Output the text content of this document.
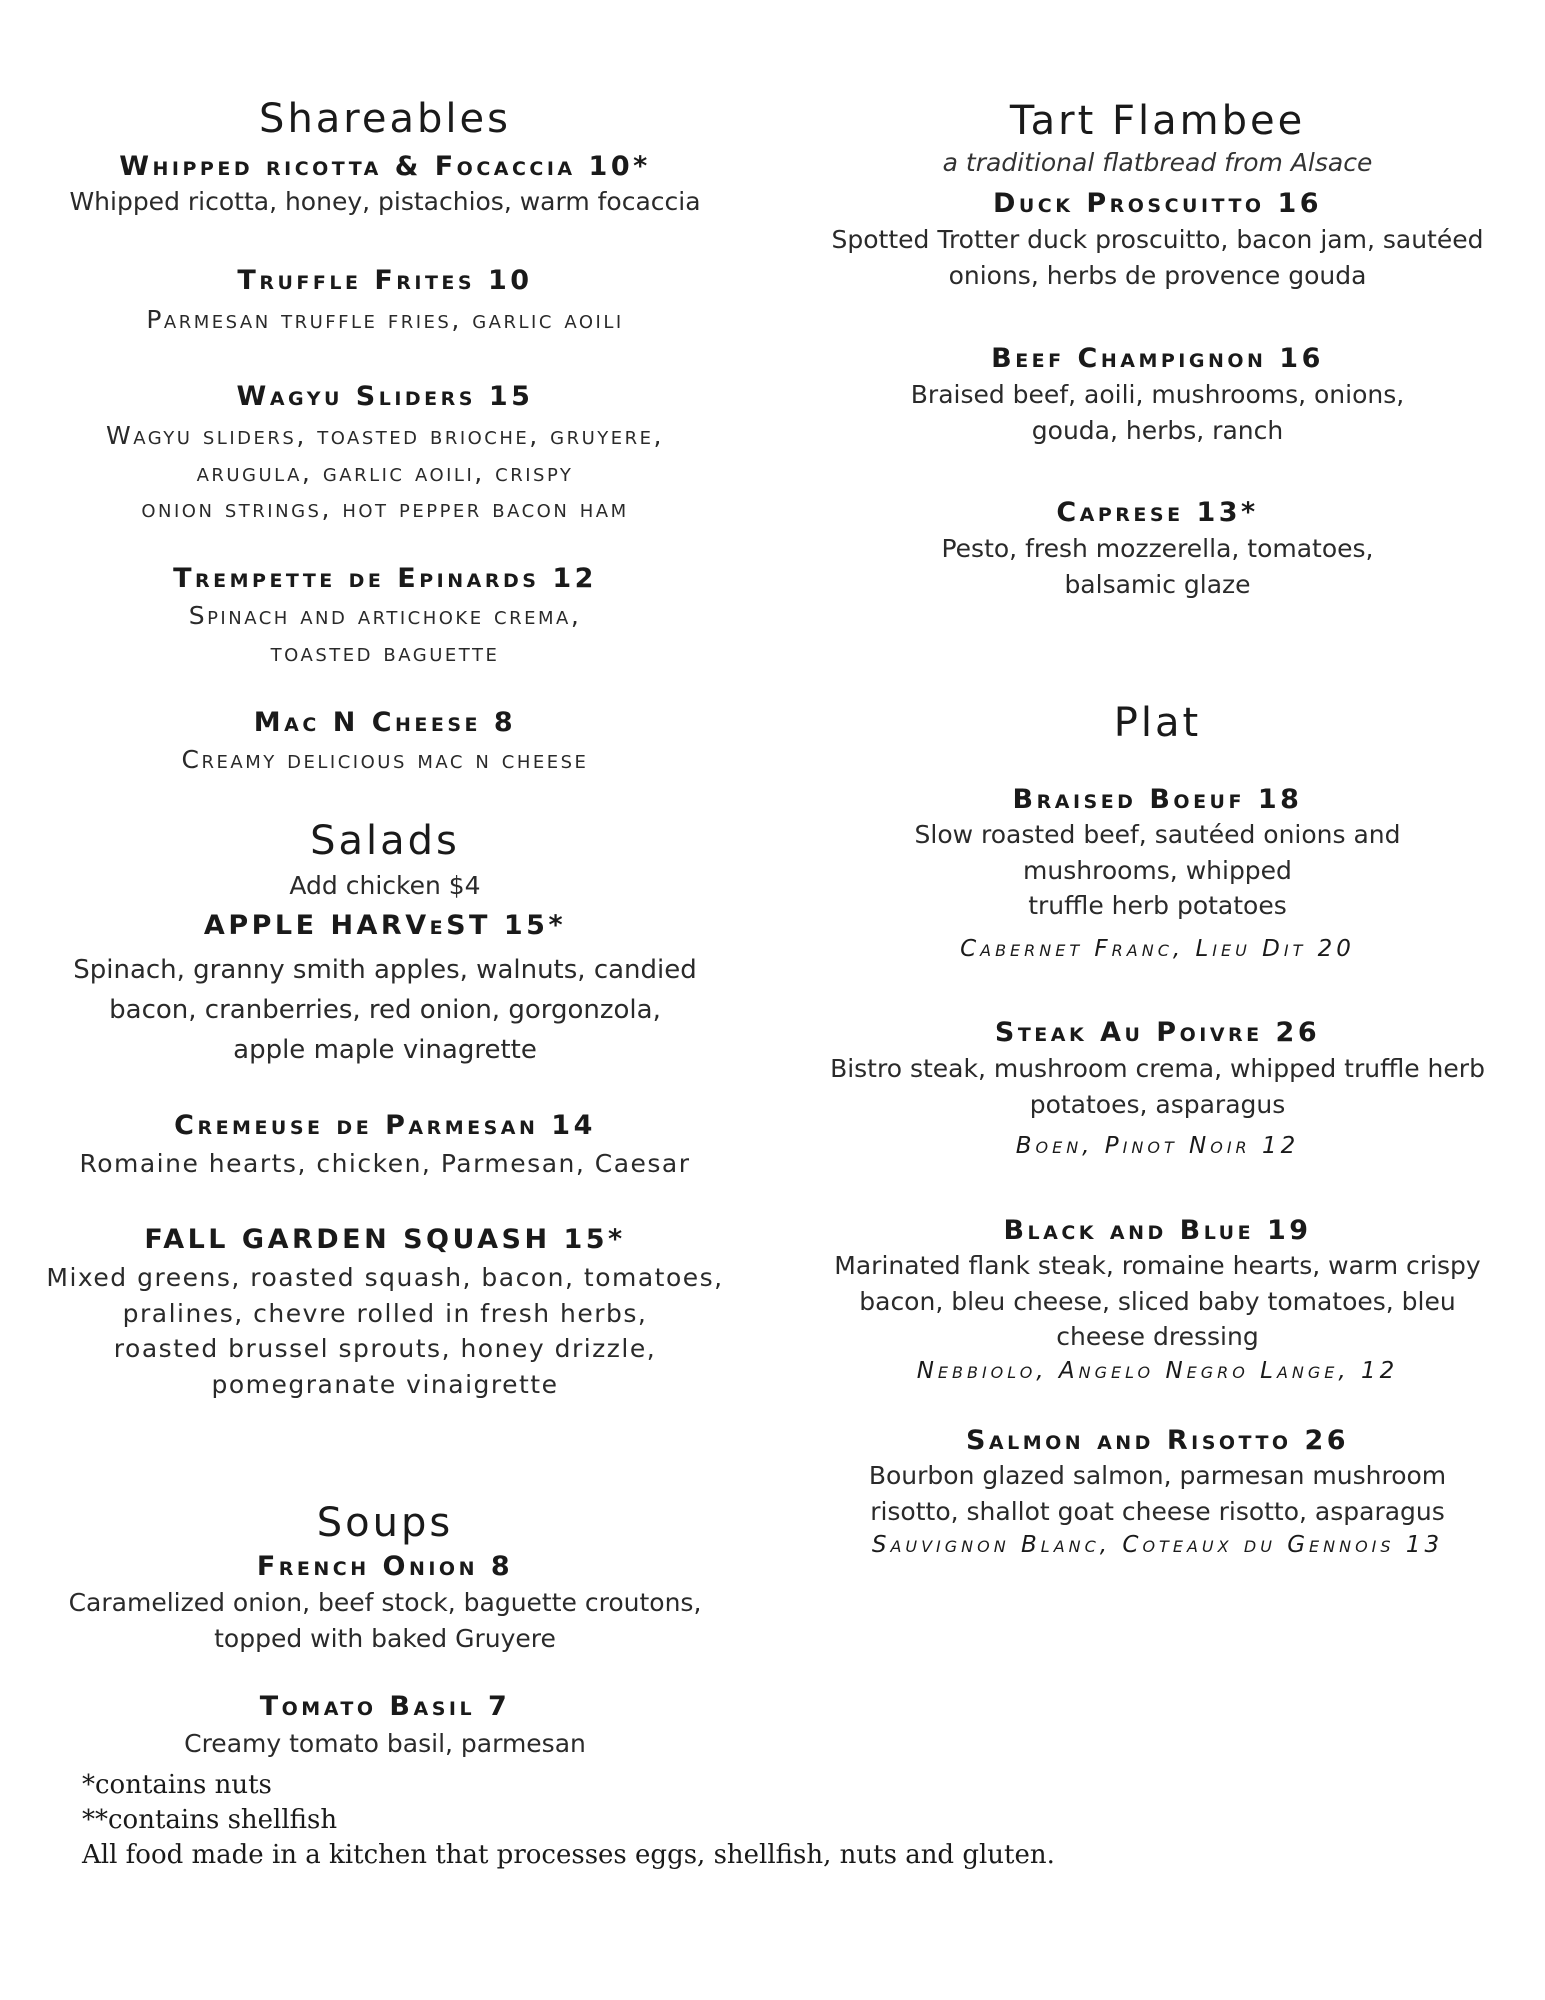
Shareables
Whipped ricotta & Focaccia 10*
Whipped ricotta, honey, pistachios, warm focaccia
Truffle Frites 10
Parmesan truffle fries, garlic aoili
Wagyu Sliders 15
Wagyu sliders, toasted brioche, gruyere,
arugula, garlic aoili, crispy
onion strings, hot pepper bacon ham
Trempette de Epinards 12
Spinach and artichoke crema,
toasted baguette
Mac N Cheese 8
Creamy delicious mac n cheese
Salads
Add chicken $4
APPLE HARVeST 15*
Spinach, granny smith apples, walnuts, candied
bacon, cranberries, red onion, gorgonzola,
apple maple vinagrette
Cremeuse de Parmesan 14
Romaine hearts, chicken, Parmesan, Caesar
FALL GARDEN SQUASH 15*
Mixed greens, roasted squash, bacon, tomatoes,
pralines, chevre rolled in fresh herbs,
roasted brussel sprouts, honey drizzle,
pomegranate vinaigrette
Soups
French Onion 8
Caramelized onion, beef stock, baguette croutons,
topped with baked Gruyere
Tomato Basil 7
Creamy tomato basil, parmesan
Tart Flambee
a traditional flatbread from Alsace
Duck Proscuitto 16
Spotted Trotter duck proscuitto, bacon jam, sautéed
onions, herbs de provence gouda
Beef Champignon 16
Braised beef, aoili, mushrooms, onions,
gouda, herbs, ranch
Caprese 13*
Pesto, fresh mozzerella, tomatoes,
balsamic glaze
Plat
Braised Boeuf 18
Slow roasted beef, sautéed onions and
mushrooms, whipped
truffle herb potatoes
Cabernet Franc, Lieu Dit 20
Steak Au Poivre 26
Bistro steak, mushroom crema, whipped truffle herb
potatoes, asparagus
Boen, Pinot Noir 12
Black and Blue 19
Marinated flank steak, romaine hearts, warm crispy
bacon, bleu cheese, sliced baby tomatoes, bleu
cheese dressing
Nebbiolo, Angelo Negro Lange, 12
Salmon and Risotto 26
Bourbon glazed salmon, parmesan mushroom
risotto, shallot goat cheese risotto, asparagus
Sauvignon Blanc, Coteaux du Gennois 13
*contains nuts
**contains shellfish
All food made in a kitchen that processes eggs, shellfish, nuts and gluten.
